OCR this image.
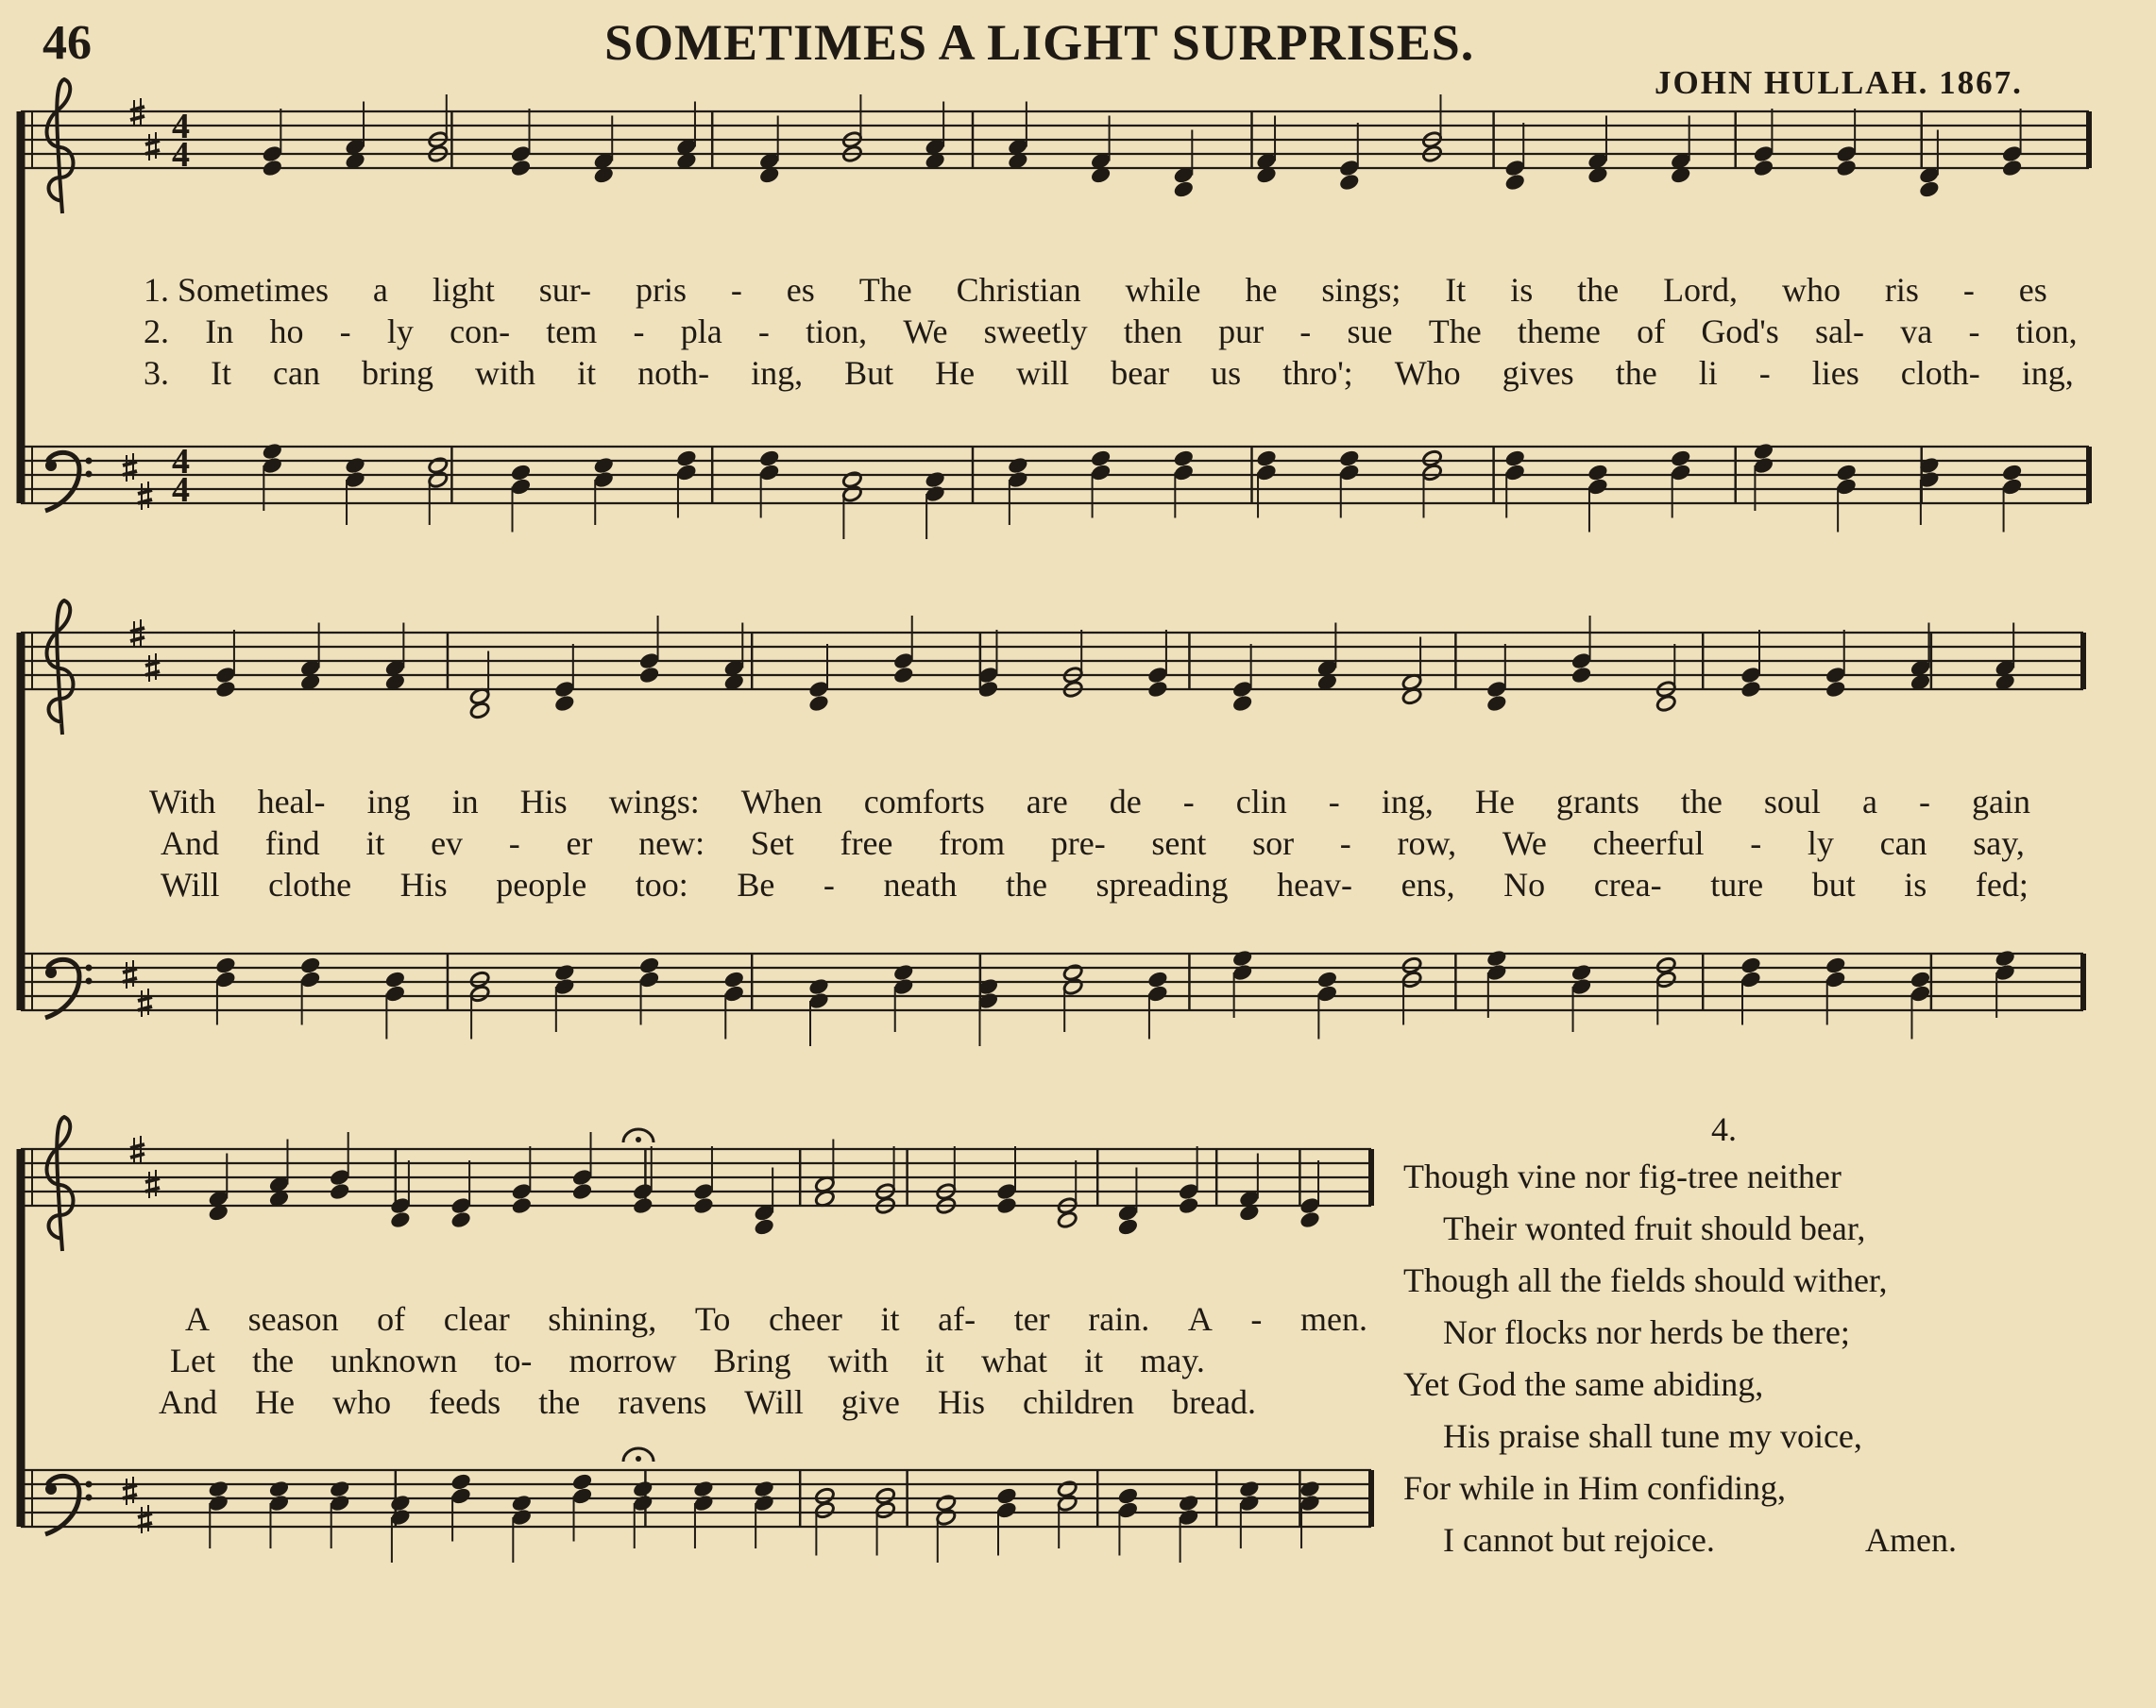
46	SOMETIMES A LIGHT SURPRISES.
JOHN HULLAH. 1867.
4
4
4
4
1. Sometimes a light sur- pris - es The Christian while he sings; It is the Lord, who ris - es
2. In ho - ly con- tem - pla - tion, We sweetly then pur - sue The theme of God's sal- va - tion,
3. It can bring with it noth- ing, But He will bear us thro'; Who gives the li - lies cloth- ing,
With heal- ing in His wings: When comforts are de - clin - ing, He grants the soul a - gain
And find it ev - er new: Set free from pre- sent sor - row, We cheerful - ly can say,
Will clothe His people too: Be - neath the spreading heav- ens, No crea- ture but is fed;
A season of clear shining, To cheer it af- ter rain. A - men.
Let the unknown to- morrow Bring with it what it may.
And He who feeds the ravens Will give His children bread.
4.
Though vine nor fig-tree neither
Their wonted fruit should bear,
Though all the fields should wither,
Nor flocks nor herds be there;
Yet God the same abiding,
His praise shall tune my voice,
For while in Him confiding,
I cannot but rejoice.	Amen.
